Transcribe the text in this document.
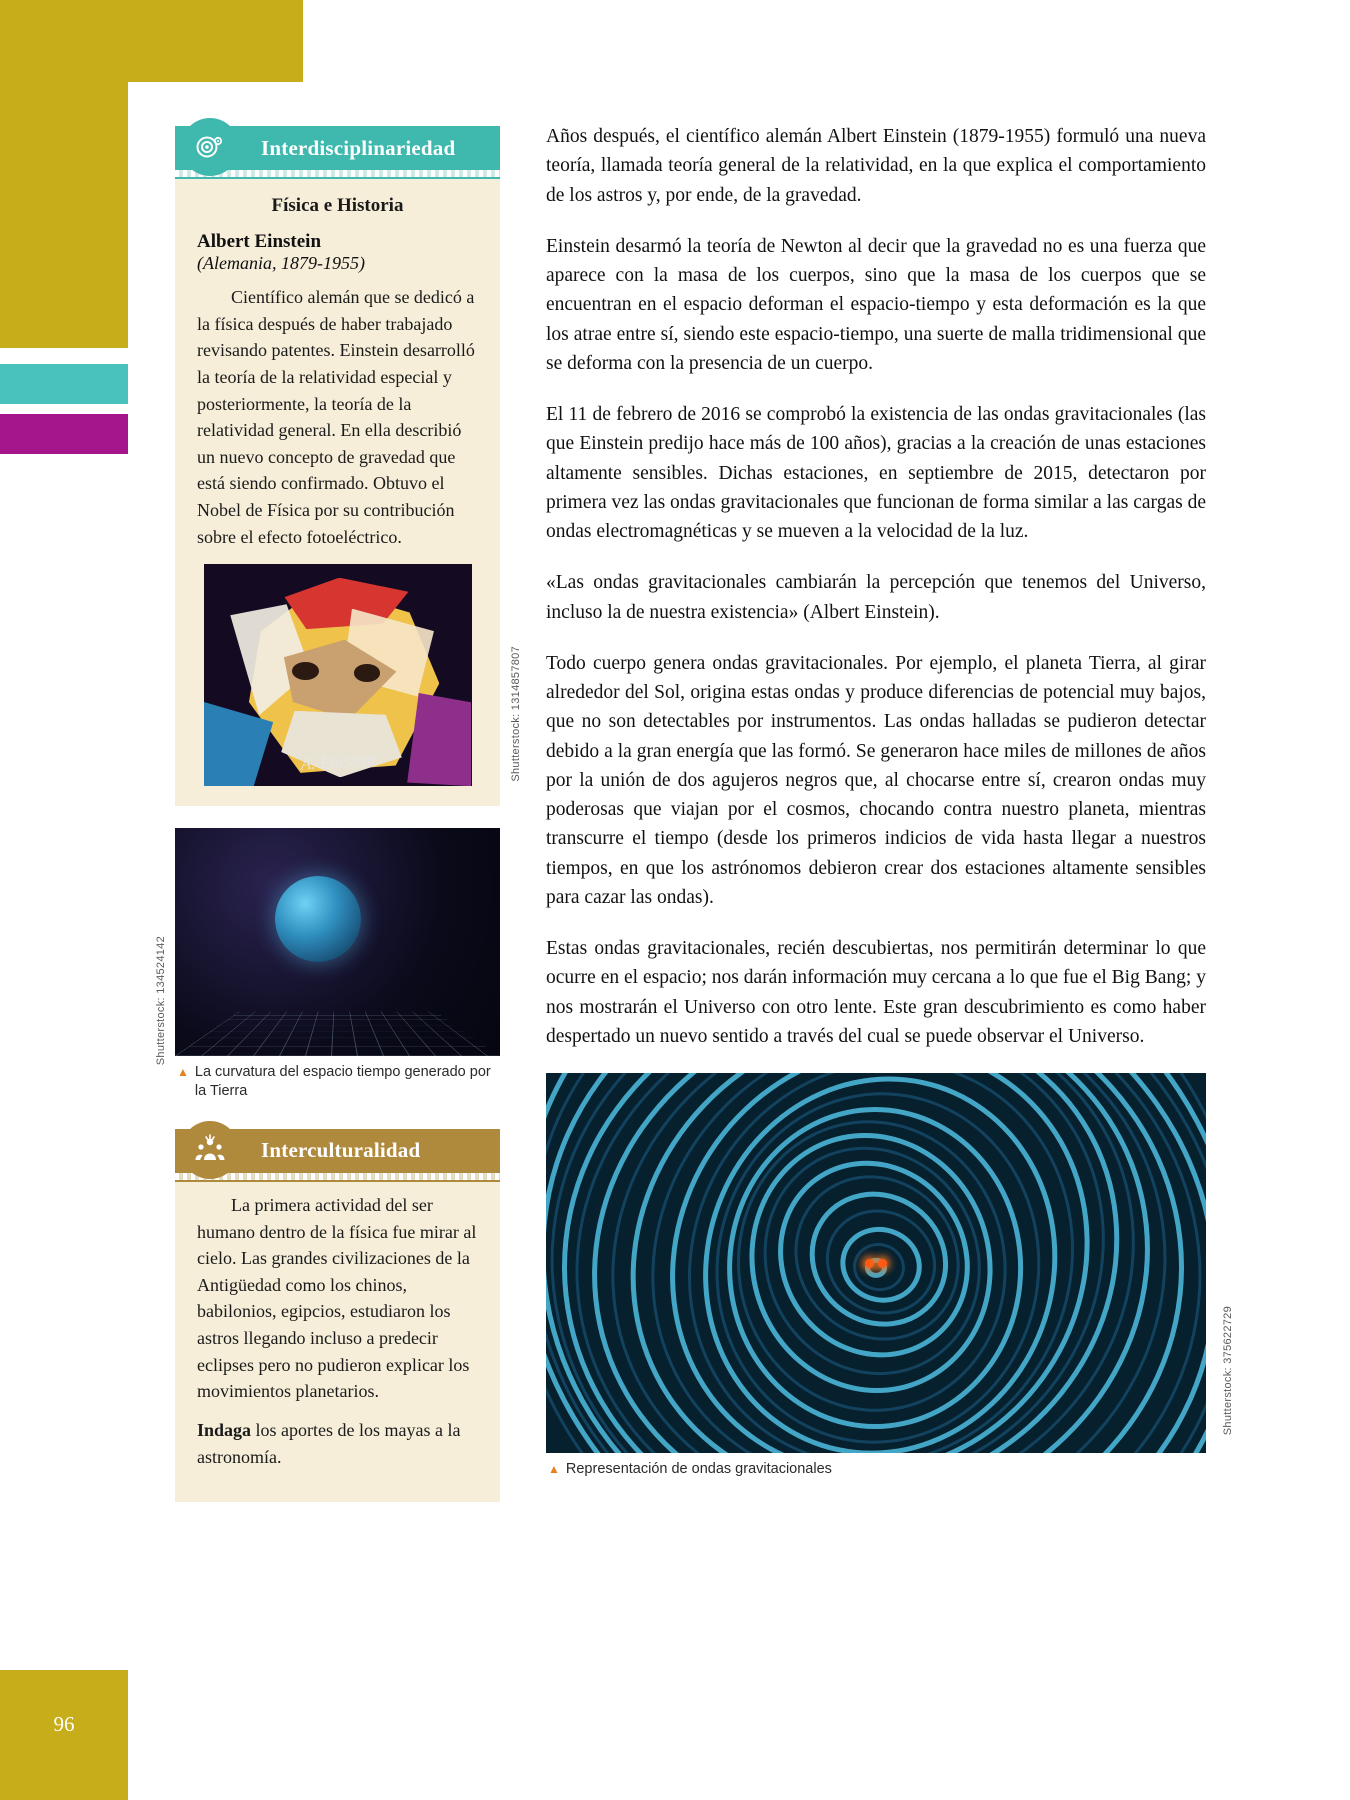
96
Interdisciplinariedad
Física e Historia
Albert Einstein
(Alemania, 1879-1955)

Científico alemán que se dedicó a la física después de haber trabajado revisando patentes. Einstein desarrolló la teoría de la relatividad especial y posteriormente, la teoría de la relatividad general. En ella describió un nuevo concepto de gravedad que está siendo confirmado. Obtuvo el Nobel de Física por su contribución sobre el efecto fotoeléctrico.

A. Einstein	Shutterstock: 1314857807
Shutterstock: 134524142
▲ La curvatura del espacio tiempo generado por la Tierra
Interculturalidad

La primera actividad del ser humano dentro de la física fue mirar al cielo. Las grandes civilizaciones de la Antigüedad como los chinos, babilonios, egipcios, estudiaron los astros llegando incluso a predecir eclipses pero no pudieron explicar los movimientos planetarios.

Indaga los aportes de los mayas a la astronomía.

Años después, el científico alemán Albert Einstein (1879-1955) formuló una nueva teoría, llamada teoría general de la relatividad, en la que explica el comportamiento de los astros y, por ende, de la gravedad.

Einstein desarmó la teoría de Newton al decir que la gravedad no es una fuerza que aparece con la masa de los cuerpos, sino que la masa de los cuerpos que se encuentran en el espacio deforman el espacio-tiempo y esta deformación es la que los atrae entre sí, siendo este espacio-tiempo, una suerte de malla tridimensional que se deforma con la presencia de un cuerpo.

El 11 de febrero de 2016 se comprobó la existencia de las ondas gravitacionales (las que Einstein predijo hace más de 100 años), gracias a la creación de unas estaciones altamente sensibles. Dichas estaciones, en septiembre de 2015, detectaron por primera vez las ondas gravitacionales que funcionan de forma similar a las cargas de ondas electromagnéticas y se mueven a la velocidad de la luz.

«Las ondas gravitacionales cambiarán la percepción que tenemos del Universo, incluso la de nuestra existencia» (Albert Einstein).

Todo cuerpo genera ondas gravitacionales. Por ejemplo, el planeta Tierra, al girar alrededor del Sol, origina estas ondas y produce diferencias de potencial muy bajos, que no son detectables por instrumentos. Las ondas halladas se pudieron detectar debido a la gran energía que las formó. Se generaron hace miles de millones de años por la unión de dos agujeros negros que, al chocarse entre sí, crearon ondas muy poderosas que viajan por el cosmos, chocando contra nuestro planeta, mientras transcurre el tiempo (desde los primeros indicios de vida hasta llegar a nuestros tiempos, en que los astrónomos debieron crear dos estaciones altamente sensibles para cazar las ondas).

Estas ondas gravitacionales, recién descubiertas, nos permitirán determinar lo que ocurre en el espacio; nos darán información muy cercana a lo que fue el Big Bang; y nos mostrarán el Universo con otro lente. Este gran descubrimiento es como haber despertado un nuevo sentido a través del cual se puede observar el Universo.

Shutterstock: 375622729
▲ Representación de ondas gravitacionales
